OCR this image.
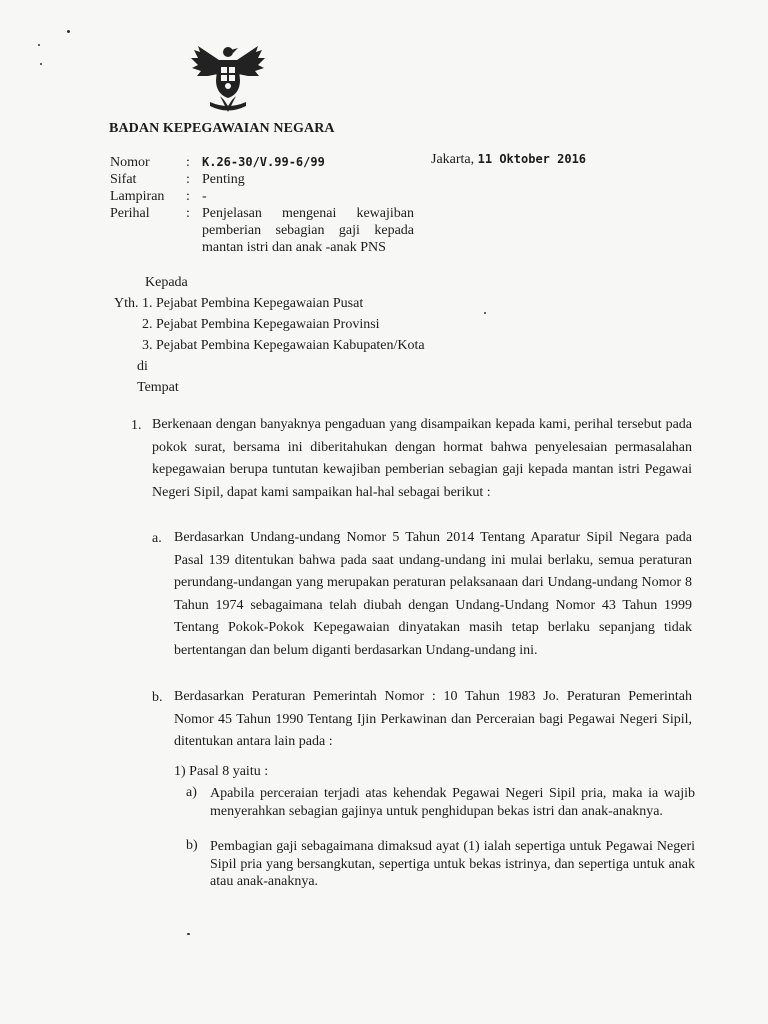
BADAN KEPEGAWAIAN NEGARA
Nomor	:	K.26-30/V.99-6/99
Sifat	: Penting
Lampiran	: -
Perihal	: Penjelasan mengenai kewajiban pemberian sebagian gaji kepada mantan istri dan anak -anak PNS
Jakarta, 11 Oktober 2016
Kepada
Yth. 1. Pejabat Pembina Kepegawaian Pusat
2. Pejabat Pembina Kepegawaian Provinsi
3. Pejabat Pembina Kepegawaian Kabupaten/Kota
di
Tempat
1. Berkenaan dengan banyaknya pengaduan yang disampaikan kepada kami, perihal tersebut pada pokok surat, bersama ini diberitahukan dengan hormat bahwa penyelesaian permasalahan kepegawaian berupa tuntutan kewajiban pemberian sebagian gaji kepada mantan istri Pegawai Negeri Sipil, dapat kami sampaikan hal-hal sebagai berikut :
a. Berdasarkan Undang-undang Nomor 5 Tahun 2014 Tentang Aparatur Sipil Negara pada Pasal 139 ditentukan bahwa pada saat undang-undang ini mulai berlaku, semua peraturan perundang-undangan yang merupakan peraturan pelaksanaan dari Undang-undang Nomor 8 Tahun 1974 sebagaimana telah diubah dengan Undang-Undang Nomor 43 Tahun 1999 Tentang Pokok-Pokok Kepegawaian dinyatakan masih tetap berlaku sepanjang tidak bertentangan dan belum diganti berdasarkan Undang-undang ini.
b. Berdasarkan Peraturan Pemerintah Nomor : 10 Tahun 1983 Jo. Peraturan Pemerintah Nomor 45 Tahun 1990 Tentang Ijin Perkawinan dan Perceraian bagi Pegawai Negeri Sipil, ditentukan antara lain pada :
1) Pasal 8 yaitu :
a) Apabila perceraian terjadi atas kehendak Pegawai Negeri Sipil pria, maka ia wajib menyerahkan sebagian gajinya untuk penghidupan bekas istri dan anak-anaknya.
b) Pembagian gaji sebagaimana dimaksud ayat (1) ialah sepertiga untuk Pegawai Negeri Sipil pria yang bersangkutan, sepertiga untuk bekas istrinya, dan sepertiga untuk anak atau anak-anaknya.
